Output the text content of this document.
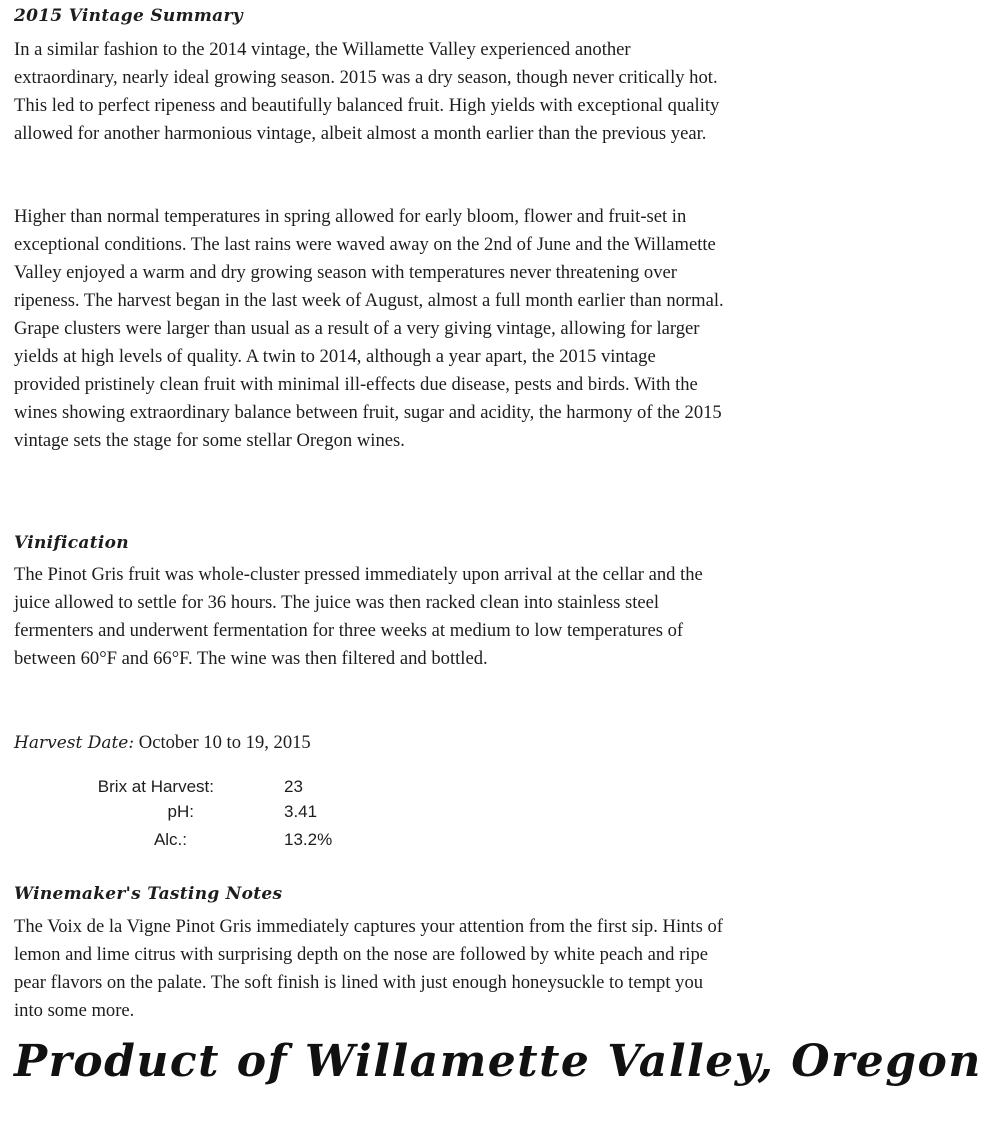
2015 Vintage Summary

In a similar fashion to the 2014 vintage, the Willamette Valley experienced another extraordinary, nearly ideal growing season. 2015 was a dry season, though never critically hot. This led to perfect ripeness and beautifully balanced fruit. High yields with exceptional quality allowed for another harmonious vintage, albeit almost a month earlier than the previous year.

Higher than normal temperatures in spring allowed for early bloom, flower and fruit-set in exceptional conditions. The last rains were waved away on the 2nd of June and the Willamette Valley enjoyed a warm and dry growing season with temperatures never threatening over ripeness. The harvest began in the last week of August, almost a full month earlier than normal. Grape clusters were larger than usual as a result of a very giving vintage, allowing for larger yields at high levels of quality. A twin to 2014, although a year apart, the 2015 vintage provided pristinely clean fruit with minimal ill-effects due disease, pests and birds. With the wines showing extraordinary balance between fruit, sugar and acidity, the harmony of the 2015 vintage sets the stage for some stellar Oregon wines.

Vinification

The Pinot Gris fruit was whole-cluster pressed immediately upon arrival at the cellar and the juice allowed to settle for 36 hours. The juice was then racked clean into stainless steel fermenters and underwent fermentation for three weeks at medium to low temperatures of between 60°F and 66°F. The wine was then filtered and bottled.

Harvest Date: October 10 to 19, 2015
Brix at Harvest:	23
pH:	3.41
Alc.:	13.2%
Winemaker's Tasting Notes

The Voix de la Vigne Pinot Gris immediately captures your attention from the first sip. Hints of lemon and lime citrus with surprising depth on the nose are followed by white peach and ripe pear flavors on the palate. The soft finish is lined with just enough honeysuckle to tempt you into some more.

Product of Willamette Valley, Oregon
